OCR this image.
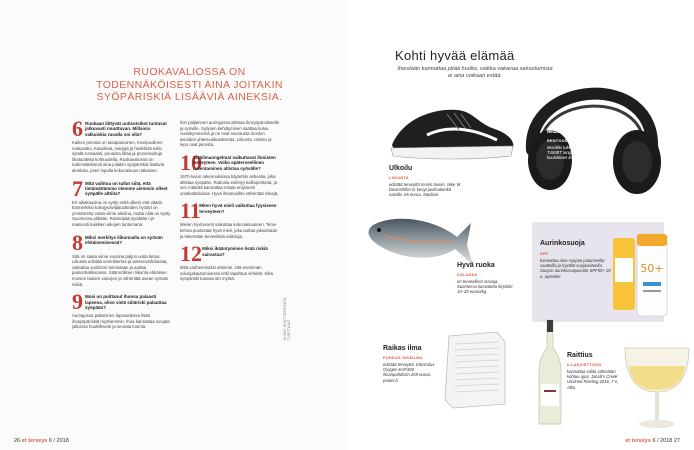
RUOKAVALIOSSA ON TODENNÄKÖISESTI AINA JOITAKIN SYÖPÄRISKIÄ LISÄÄVIÄ AINEKSIA.
6 Ruokaan liittyvät uutisotsikot tuntuvat jatkuvasti muuttuvan. Millaisia valkuiskia ruoalla voi olla?
Kaiken perusta on tasapainoinen, monipuolinen ruokavalio. Kasviksia, marjoja ja hedelmiä tulisi syödä runsaasti, punaista lihaa ja prosessoituja lihatuotteita kohtuudella. Ruokavaliossa on todennäköisesti aina joitakin syöpäriskiä lisääviä aineksia, joten lopulla kokonaisuus ratkaisee.
7 Mitä vaihtoa on tullut siitä, että tietämättämme olemme aiemmin olleet syöpälle alttiita?
Eri aikakausina on syöty sekä olkein että väärin. Esimerkiksi kokojyväviljatuotteiden hyödyt on ymmärretty vasta viime aikoina, mutta niitä on syöty Suomessa pitkään. Ruisleipää syödään nyt mainiosti kaikkien aikojen tuntemana.
8 Miksi merkitys liikunnalla on syövän ehkäisemisessä?
Sitä on saatu viime vuosina paljon uutta tietoa. Liikunta edistää verenkiertoa ja aineenvaihduntaa, vaikuttaa suoliston toimintaan ja auttaa painonhallinnassa. Säännöllinen liikunta ehkäisee monien tautien vaivojen ja vähentää usean syövän riskiä.
9 Mosi on puittanut ihonsa palaasti lapsena, olivo vielä siitäriski palauttaa syöpään?
Auringossa palaminen lapsuudessa lisää ihosyöpäriskiä myöhemmin. Ihoa kannattaa suojata jatkossa huolellisesti ja seurata luomia.
Ilon paljainnen auringossa altistaa ihosyöpä-tokselle ja syöville. Syöpien kehittymisen saattaa kuluu vuosikymmeniä ja ne ovat seurausta monien asioiden yhteisvaikutuksesta. Liikunta, ravinto ja lepo ovat perusta.
10
Sisäilmaongelmat vaikuttavat ihmisten terveyteen. Voiko epäterveellinen rakentaminen altistaa syövälle?
1970-luvun rakennuksissa käytettiin asbestia, joka altistaa syöpään. Radonia esiintyy kallioperässä, ja sen määrää kannattaa mitata erityisesti omakotitaloissa. Hyvä ilmanvaihto vähentää riskejä.
11
Miten hyvä mieli vaikuttaa fyysiseen terveyteen?
Mielen hyvinvointi vaikuttaa kokonaisuuteen. Terve kehoa puolustaa hyvä mieli, joka auttaa jaksamaan ja tekemään terveellisiä valintoja.
12 Miksi ikääntyminen lisää riskiä sairastua?
Mitä vanhemmaksi elämme, sitä enemmän solunjakautumisessa ehtii tapahtua virheitä. Siksi syöpäriski kasvaa iän myötä.
KUVAT SHUTTERSTOCK, TUOTTAJAT
26 et terveys 6 / 2018
Kohti hyvää elämää
Itsestään kannattaa pitää huolta, vaikka vakavaa sairastumista ei aina voikaan estää.
Musiikki
RENTOUDU MUSIIKIN
Musiikki tukkeuttaa mieltä. JBL T450BT langattomat on-ear -kuulokkeet 40 e, Gigantti.
Ulkoilu
LIIKUNTA
edistää terveyttä monin tavoin. Nike W Downshifter 8, kevyt juoksukenkä naisille, 65 euroa, Stadium.
Hyvä ruoka
KALASSA
on terveellisiä rasvoja. Suomessa kasvatettu kirjolohi 10–20 euroa/kg.
Aurinkosuoja
SPF
kannattaa aina suojata palamiselta vaatteilla ja hyvällä suojavoiteella. Sunpro aurinkosuojavoide SPF50+ 20 e, apteekki.
50+
Raikas ilma
PUHDAS SISÄILMA
edistää terveyttä. Electrolux Oxygen EAP300 -ilmanpuhdistin 269 euroa, power.fi.
Raittius
ILLANVIETTOON
kannattaa valita vähintään kohtuu ajoa. Jacob's Creek Unvined Riesling 2016, 7 e, Alko.
et terveys 6 / 2018 27
